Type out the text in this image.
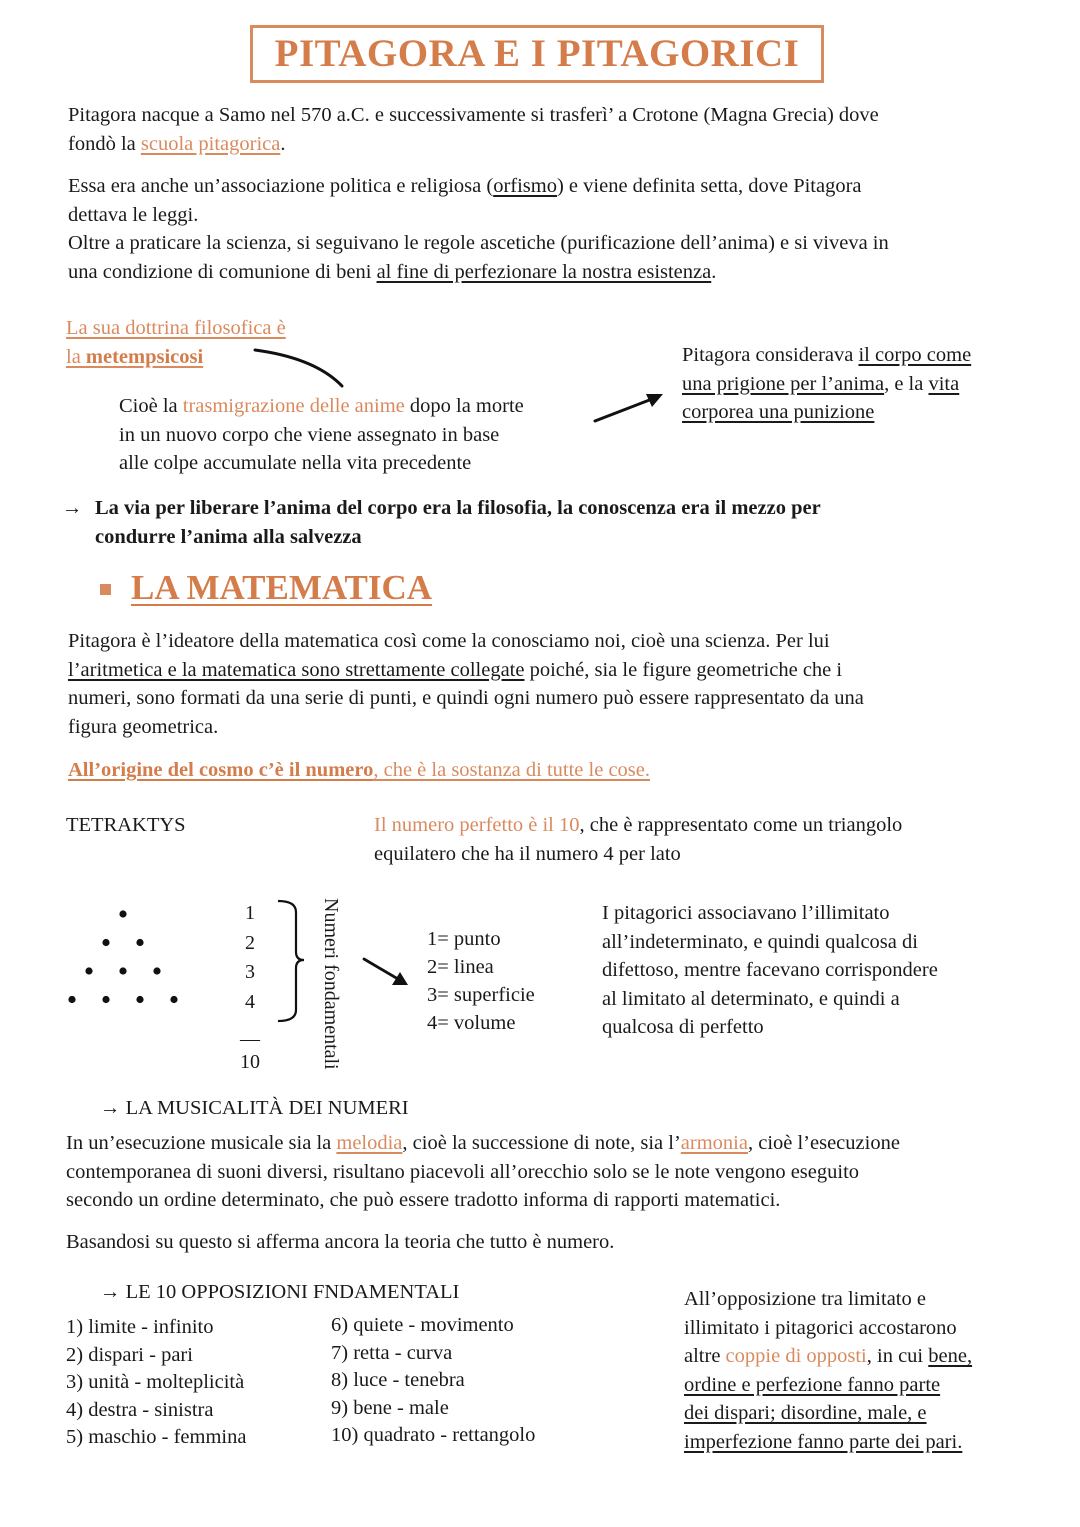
PITAGORA E I PITAGORICI
Pitagora nacque a Samo nel 570 a.C. e successivamente si trasferì’ a Crotone (Magna Grecia) dove
fondò la scuola pitagorica.
Essa era anche un’associazione politica e religiosa (orfismo) e viene definita setta, dove Pitagora
dettava le leggi.
Oltre a praticare la scienza, si seguivano le regole ascetiche (purificazione dell’anima) e si viveva in
una condizione di comunione di beni al fine di perfezionare la nostra esistenza.
La sua dottrina filosofica è
la metempsicosi
Cioè la trasmigrazione delle anime dopo la morte
in un nuovo corpo che viene assegnato in base
alle colpe accumulate nella vita precedente
Pitagora considerava il corpo come
una prigione per l’anima, e la vita
corporea una punizione
→ La via per liberare l’anima del corpo era la filosofia, la conoscenza era il mezzo per
condurre l’anima alla salvezza
LA MATEMATICA
Pitagora è l’ideatore della matematica così come la conosciamo noi, cioè una scienza. Per lui
l’aritmetica e la matematica sono strettamente collegate poiché, sia le figure geometriche che i
numeri, sono formati da una serie di punti, e quindi ogni numero può essere rappresentato da una
figura geometrica.
All’origine del cosmo c’è il numero, che è la sostanza di tutte le cose.
TETRAKTYS	Il numero perfetto è il 10, che è rappresentato come un triangolo
equilatero che ha il numero 4 per lato
1
2
3
4
—
10
Numeri fondamentali
1= punto
2= linea
3= superficie
4= volume
I pitagorici associavano l’illimitato
all’indeterminato, e quindi qualcosa di
difettoso, mentre facevano corrispondere
al limitato al determinato, e quindi a
qualcosa di perfetto
→ LA MUSICALITÀ DEI NUMERI
In un’esecuzione musicale sia la melodia, cioè la successione di note, sia l’armonia, cioè l’esecuzione
contemporanea di suoni diversi, risultano piacevoli all’orecchio solo se le note vengono eseguito
secondo un ordine determinato, che può essere tradotto informa di rapporti matematici.
Basandosi su questo si afferma ancora la teoria che tutto è numero.
→ LE 10 OPPOSIZIONI FNDAMENTALI
1) limite - infinito
2) dispari - pari
3) unità - molteplicità
4) destra - sinistra
5) maschio - femmina
6) quiete - movimento
7) retta - curva
8) luce - tenebra
9) bene - male
10) quadrato - rettangolo
All’opposizione tra limitato e
illimitato i pitagorici accostarono
altre coppie di opposti, in cui bene,
ordine e perfezione fanno parte
dei dispari; disordine, male, e
imperfezione fanno parte dei pari.
